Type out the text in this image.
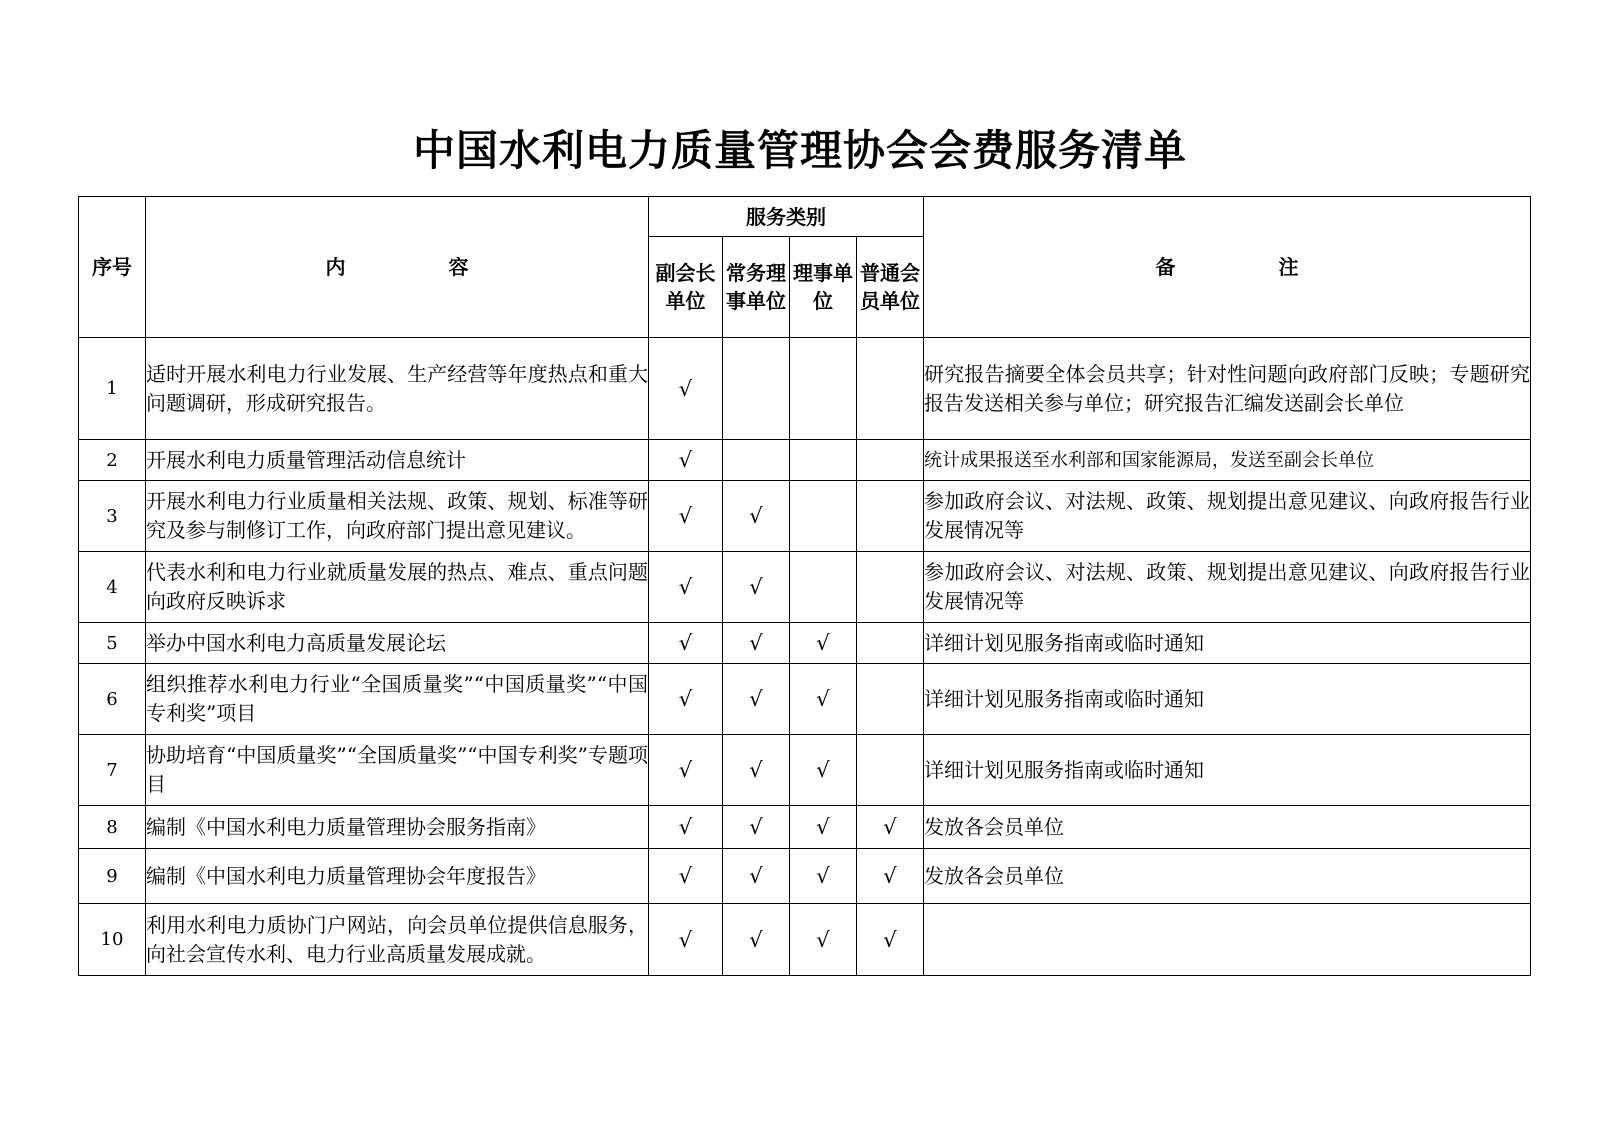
中国水利电力质量管理协会会费服务清单
序号	内 容	服务类别				备 注
		副会长单位	常务理事单位	理事单位	普通会员单位	
1	适时开展水利电力行业发展、生产经营等年度热点和重大问题调研，形成研究报告。	√				研究报告摘要全体会员共享；针对性问题向政府部门反映；专题研究报告发送相关参与单位；研究报告汇编发送副会长单位
2	开展水利电力质量管理活动信息统计	√				统计成果报送至水利部和国家能源局，发送至副会长单位
3	开展水利电力行业质量相关法规、政策、规划、标准等研究及参与制修订工作，向政府部门提出意见建议。	√	√			参加政府会议、对法规、政策、规划提出意见建议、向政府报告行业发展情况等
4	代表水利和电力行业就质量发展的热点、难点、重点问题向政府反映诉求	√	√			参加政府会议、对法规、政策、规划提出意见建议、向政府报告行业发展情况等
5	举办中国水利电力高质量发展论坛	√	√	√		详细计划见服务指南或临时通知
6	组织推荐水利电力行业“全国质量奖”“中国质量奖”“中国专利奖”项目	√	√	√		详细计划见服务指南或临时通知
7	协助培育“中国质量奖”“全国质量奖”“中国专利奖”专题项目	√	√	√		详细计划见服务指南或临时通知
8	编制《中国水利电力质量管理协会服务指南》	√	√	√	√	发放各会员单位
9	编制《中国水利电力质量管理协会年度报告》	√	√	√	√	发放各会员单位
10	利用水利电力质协门户网站，向会员单位提供信息服务，向社会宣传水利、电力行业高质量发展成就。	√	√	√	√	
